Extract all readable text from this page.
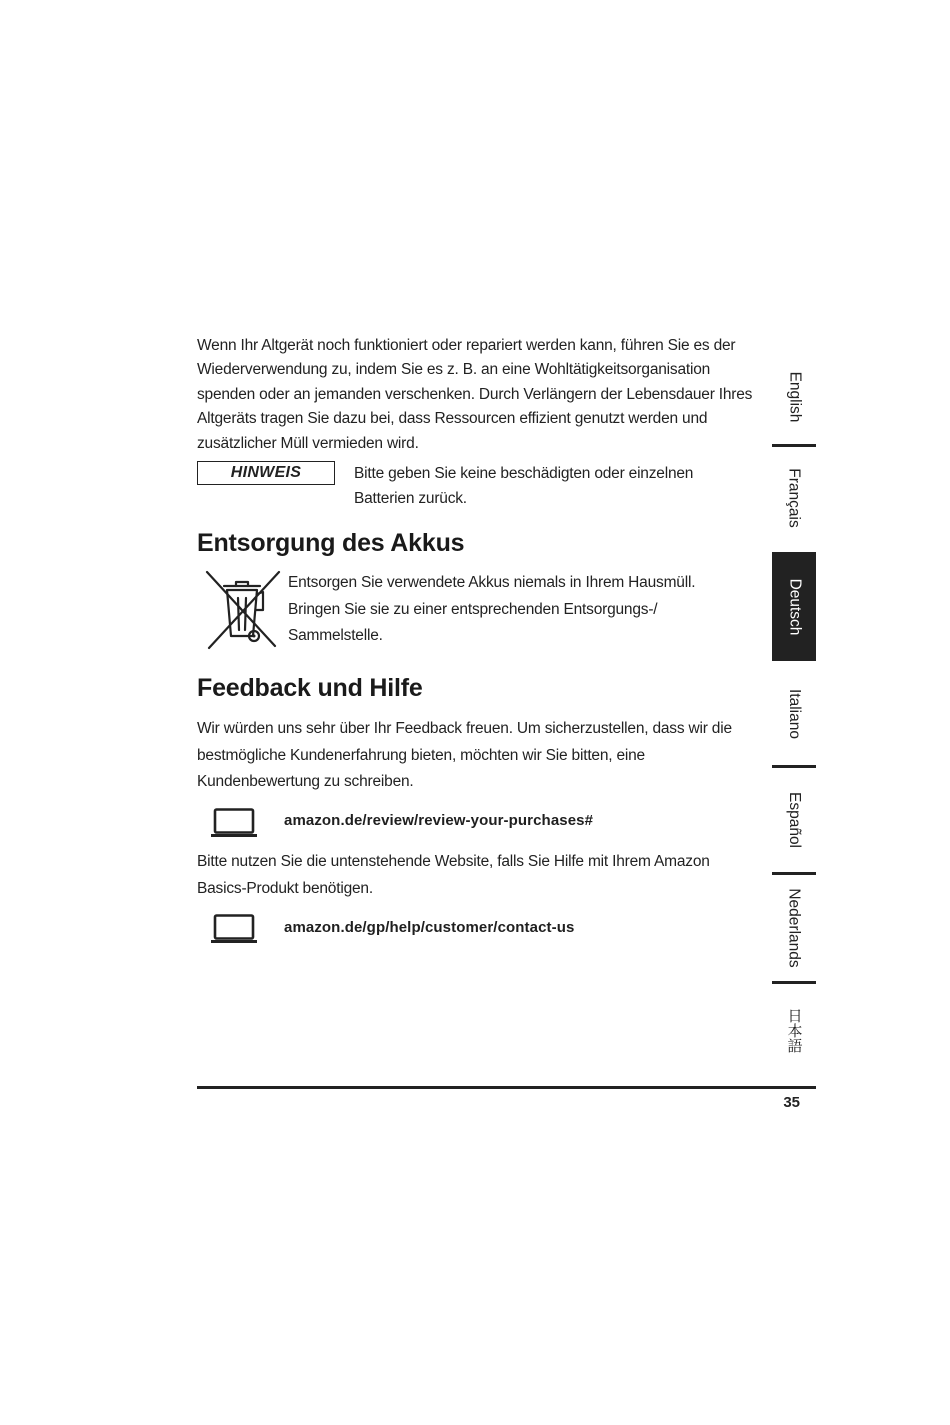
Wenn Ihr Altgerät noch funktioniert oder repariert werden kann, führen Sie es der Wiederverwendung zu, indem Sie es z. B. an eine Wohltätigkeitsorganisation spenden oder an jemanden verschenken. Durch Verlängern der Lebensdauer Ihres Altgeräts tragen Sie dazu bei, dass Ressourcen effizient genutzt werden und zusätzlicher Müll vermieden wird.

HINWEIS	Bitte geben Sie keine beschädigten oder einzelnen Batterien zurück.

Entsorgung des Akkus

Entsorgen Sie verwendete Akkus niemals in Ihrem Hausmüll. Bringen Sie sie zu einer entsprechenden Entsorgungs-/ Sammelstelle.

Feedback und Hilfe

Wir würden uns sehr über Ihr Feedback freuen. Um sicherzustellen, dass wir die bestmögliche Kundenerfahrung bieten, möchten wir Sie bitten, eine Kundenbewertung zu schreiben.

amazon.de/review/review-your-purchases#

Bitte nutzen Sie die untenstehende Website, falls Sie Hilfe mit Ihrem Amazon Basics-Produkt benötigen.

amazon.de/gp/help/customer/contact-us
English
Français
Deutsch
Italiano
Español
Nederlands
日本語
35
